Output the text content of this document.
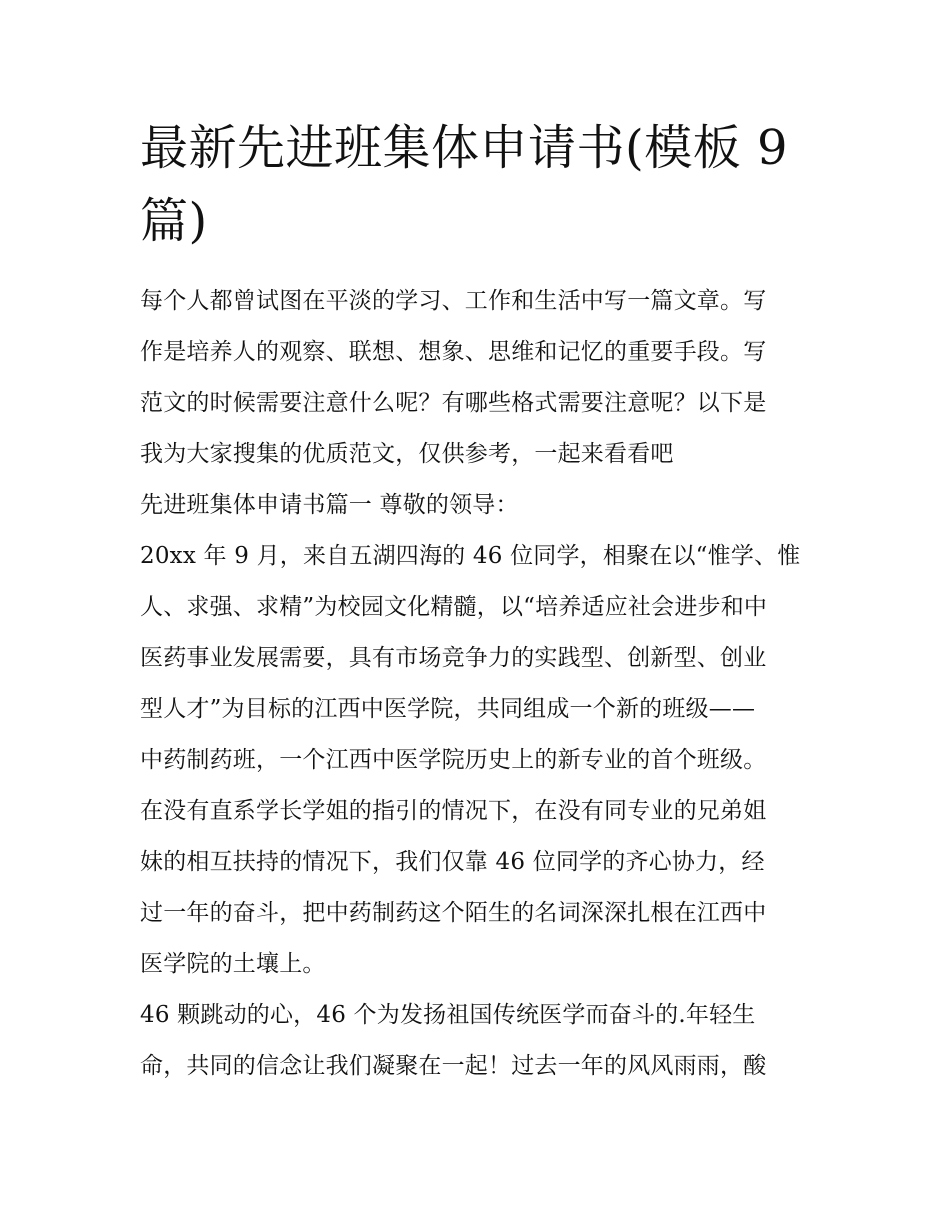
最新先进班集体申请书(模板 9
篇)
每个人都曾试图在平淡的学习、工作和生活中写一篇文章。写
作是培养人的观察、联想、想象、思维和记忆的重要手段。写
范文的时候需要注意什么呢？有哪些格式需要注意呢？以下是
我为大家搜集的优质范文，仅供参考，一起来看看吧
先进班集体申请书篇一 尊敬的领导：
20xx 年 9 月，来自五湖四海的 46 位同学，相聚在以“惟学、惟
人、求强、求精”为校园文化精髓，以“培养适应社会进步和中
医药事业发展需要，具有市场竞争力的实践型、创新型、创业
型人才”为目标的江西中医学院，共同组成一个新的班级——
中药制药班，一个江西中医学院历史上的新专业的首个班级。
在没有直系学长学姐的指引的情况下，在没有同专业的兄弟姐
妹的相互扶持的情况下，我们仅靠 46 位同学的齐心协力，经
过一年的奋斗，把中药制药这个陌生的名词深深扎根在江西中
医学院的土壤上。
46 颗跳动的心，46 个为发扬祖国传统医学而奋斗的.年轻生
命，共同的信念让我们凝聚在一起！过去一年的风风雨雨，酸
